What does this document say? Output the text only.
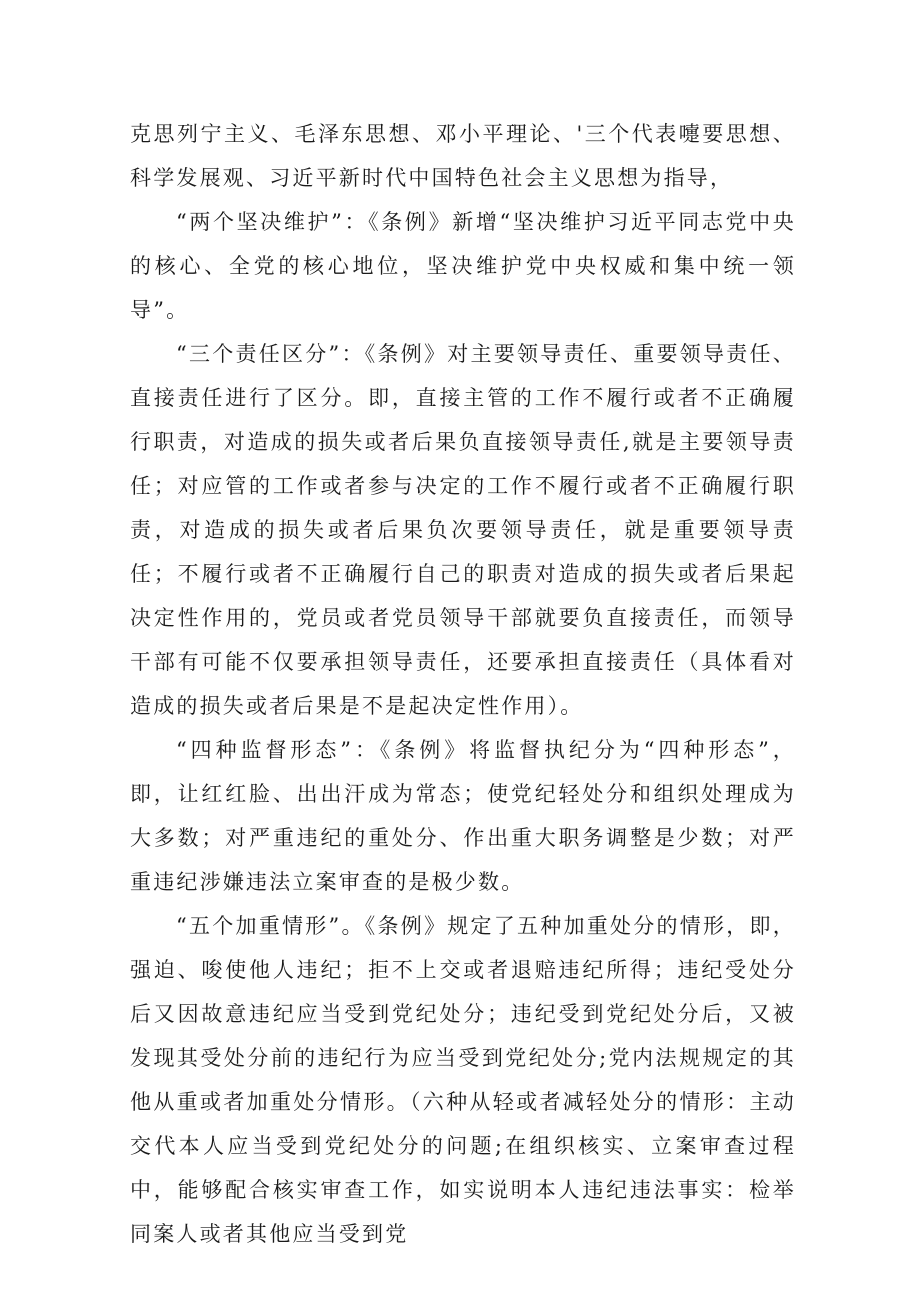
克思列宁主义、毛泽东思想、邓小平理论、'三个代表嚏要思想、科学发展观、习近平新时代中国特色社会主义思想为指导，

“两个坚决维护”：《条例》新增“坚决维护习近平同志党中央的核心、全党的核心地位，坚决维护党中央权威和集中统一领导”。

“三个责任区分”：《条例》对主要领导责任、重要领导责任、直接责任进行了区分。即，直接主管的工作不履行或者不正确履行职责，对造成的损失或者后果负直接领导责任,就是主要领导责任；对应管的工作或者参与决定的工作不履行或者不正确履行职责，对造成的损失或者后果负次要领导责任，就是重要领导责任；不履行或者不正确履行自己的职责对造成的损失或者后果起决定性作用的，党员或者党员领导干部就要负直接责任，而领导干部有可能不仅要承担领导责任，还要承担直接责任（具体看对造成的损失或者后果是不是起决定性作用）。

“四种监督形态”：《条例》将监督执纪分为“四种形态”，即，让红红脸、出出汗成为常态；使党纪轻处分和组织处理成为大多数；对严重违纪的重处分、作出重大职务调整是少数；对严重违纪涉嫌违法立案审查的是极少数。

“五个加重情形”。《条例》规定了五种加重处分的情形，即，强迫、唆使他人违纪；拒不上交或者退赔违纪所得；违纪受处分后又因故意违纪应当受到党纪处分；违纪受到党纪处分后，又被发现其受处分前的违纪行为应当受到党纪处分;党内法规规定的其他从重或者加重处分情形。（六种从轻或者减轻处分的情形：主动交代本人应当受到党纪处分的问题;在组织核实、立案审查过程中，能够配合核实审查工作，如实说明本人违纪违法事实：检举同案人或者其他应当受到党
